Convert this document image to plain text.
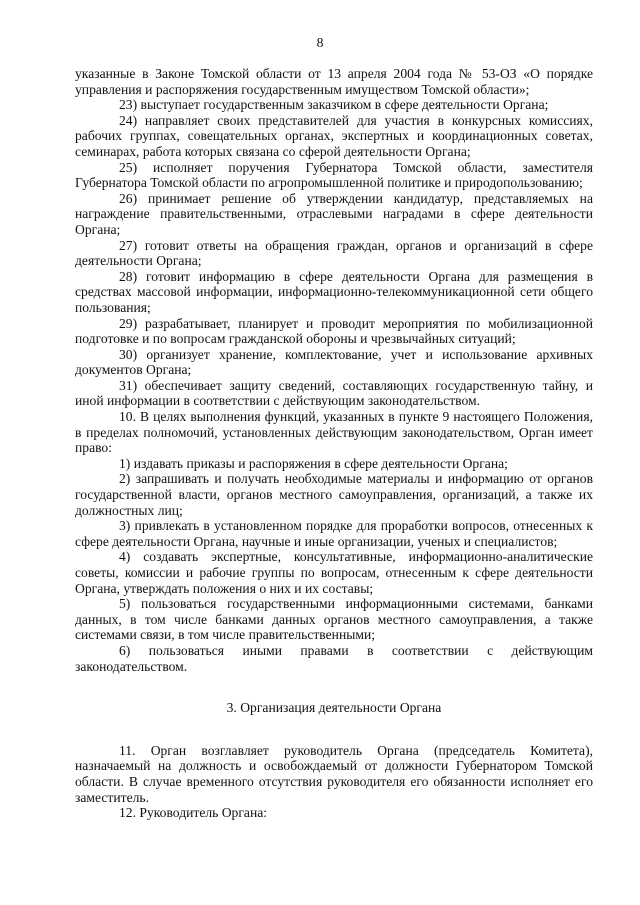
8

указанные в Законе Томской области от 13 апреля 2004 года № 53-ОЗ «О порядке управления и распоряжения государственным имуществом Томской области»;

23) выступает государственным заказчиком в сфере деятельности Органа;

24) направляет своих представителей для участия в конкурсных комиссиях, рабочих группах, совещательных органах, экспертных и координационных советах, семинарах, работа которых связана со сферой деятельности Органа;

25) исполняет поручения Губернатора Томской области, заместителя Губернатора Томской области по агропромышленной политике и природопользованию;

26) принимает решение об утверждении кандидатур, представляемых на награждение правительственными, отраслевыми наградами в сфере деятельности Органа;

27) готовит ответы на обращения граждан, органов и организаций в сфере деятельности Органа;

28) готовит информацию в сфере деятельности Органа для размещения в средствах массовой информации, информационно-телекоммуникационной сети общего пользования;

29) разрабатывает, планирует и проводит мероприятия по мобилизационной подготовке и по вопросам гражданской обороны и чрезвычайных ситуаций;

30) организует хранение, комплектование, учет и использование архивных документов Органа;

31) обеспечивает защиту сведений, составляющих государственную тайну, и иной информации в соответствии с действующим законодательством.

10. В целях выполнения функций, указанных в пункте 9 настоящего Положения, в пределах полномочий, установленных действующим законодательством, Орган имеет право:

1) издавать приказы и распоряжения в сфере деятельности Органа;

2) запрашивать и получать необходимые материалы и информацию от органов государственной власти, органов местного самоуправления, организаций, а также их должностных лиц;

3) привлекать в установленном порядке для проработки вопросов, отнесенных к сфере деятельности Органа, научные и иные организации, ученых и специалистов;

4) создавать экспертные, консультативные, информационно-аналитические советы, комиссии и рабочие группы по вопросам, отнесенным к сфере деятельности Органа, утверждать положения о них и их составы;

5) пользоваться государственными информационными системами, банками данных, в том числе банками данных органов местного самоуправления, а также системами связи, в том числе правительственными;

6) пользоваться иными правами в соответствии с действующим законодательством.

3. Организация деятельности Органа

11. Орган возглавляет руководитель Органа (председатель Комитета), назначаемый на должность и освобождаемый от должности Губернатором Томской области. В случае временного отсутствия руководителя его обязанности исполняет его заместитель.

12. Руководитель Органа:
